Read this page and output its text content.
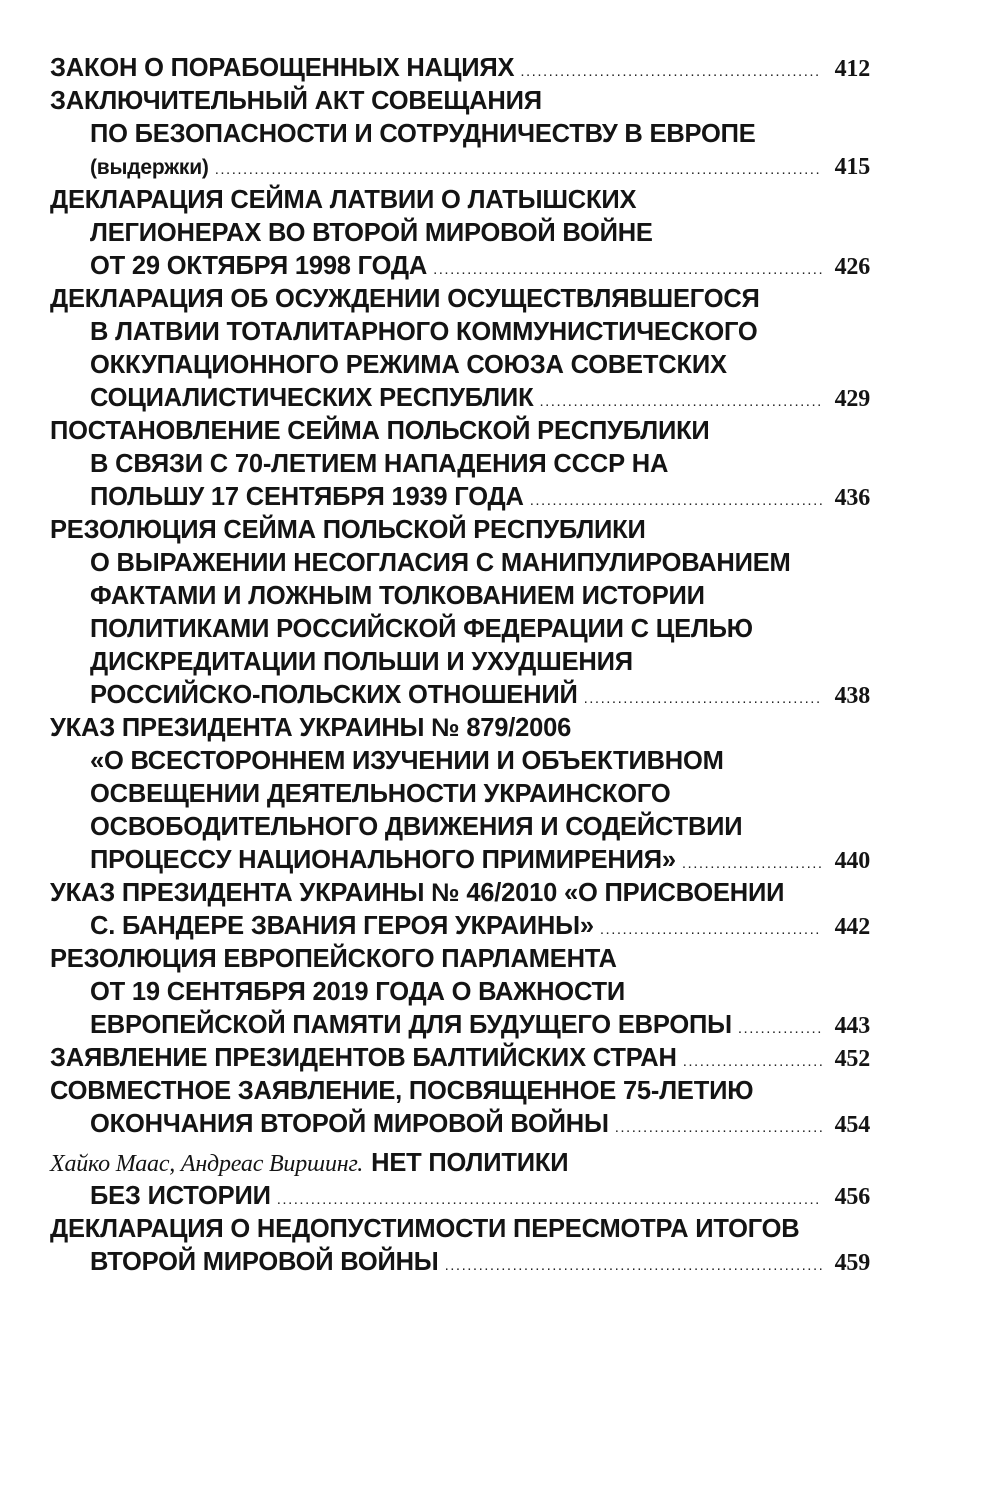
ЗАКОН О ПОРАБОЩЕННЫХ НАЦИЯХ .....	412
ЗАКЛЮЧИТЕЛЬНЫЙ АКТ СОВЕЩАНИЯ
ПО БЕЗОПАСНОСТИ И СОТРУДНИЧЕСТВУ В ЕВРОПЕ
(выдержки) .....	415
ДЕКЛАРАЦИЯ СЕЙМА ЛАТВИИ О ЛАТЫШСКИХ
ЛЕГИОНЕРАХ ВО ВТОРОЙ МИРОВОЙ ВОЙНЕ
ОТ 29 ОКТЯБРЯ 1998 ГОДА .....	426
ДЕКЛАРАЦИЯ ОБ ОСУЖДЕНИИ ОСУЩЕСТВЛЯВШЕГОСЯ
В ЛАТВИИ ТОТАЛИТАРНОГО КОММУНИСТИЧЕСКОГО
ОККУПАЦИОННОГО РЕЖИМА СОЮЗА СОВЕТСКИХ
СОЦИАЛИСТИЧЕСКИХ РЕСПУБЛИК .....	429
ПОСТАНОВЛЕНИЕ СЕЙМА ПОЛЬСКОЙ РЕСПУБЛИКИ
В СВЯЗИ С 70-ЛЕТИЕМ НАПАДЕНИЯ СССР НА
ПОЛЬШУ 17 СЕНТЯБРЯ 1939 ГОДА .....	436
РЕЗОЛЮЦИЯ СЕЙМА ПОЛЬСКОЙ РЕСПУБЛИКИ
О ВЫРАЖЕНИИ НЕСОГЛАСИЯ С МАНИПУЛИРОВАНИЕМ
ФАКТАМИ И ЛОЖНЫМ ТОЛКОВАНИЕМ ИСТОРИИ
ПОЛИТИКАМИ РОССИЙСКОЙ ФЕДЕРАЦИИ С ЦЕЛЬЮ
ДИСКРЕДИТАЦИИ ПОЛЬШИ И УХУДШЕНИЯ
РОССИЙСКО-ПОЛЬСКИХ ОТНОШЕНИЙ .....	438
УКАЗ ПРЕЗИДЕНТА УКРАИНЫ № 879/2006
«О ВСЕСТОРОННЕМ ИЗУЧЕНИИ И ОБЪЕКТИВНОМ
ОСВЕЩЕНИИ ДЕЯТЕЛЬНОСТИ УКРАИНСКОГО
ОСВОБОДИТЕЛЬНОГО ДВИЖЕНИЯ И СОДЕЙСТВИИ
ПРОЦЕССУ НАЦИОНАЛЬНОГО ПРИМИРЕНИЯ» .....	440
УКАЗ ПРЕЗИДЕНТА УКРАИНЫ № 46/2010 «О ПРИСВОЕНИИ
С. БАНДЕРЕ ЗВАНИЯ ГЕРОЯ УКРАИНЫ» .....	442
РЕЗОЛЮЦИЯ ЕВРОПЕЙСКОГО ПАРЛАМЕНТА
ОТ 19 СЕНТЯБРЯ 2019 ГОДА О ВАЖНОСТИ
ЕВРОПЕЙСКОЙ ПАМЯТИ ДЛЯ БУДУЩЕГО ЕВРОПЫ .....	443
ЗАЯВЛЕНИЕ ПРЕЗИДЕНТОВ БАЛТИЙСКИХ СТРАН .....	452
СОВМЕСТНОЕ ЗАЯВЛЕНИЕ, ПОСВЯЩЕННОЕ 75-ЛЕТИЮ
ОКОНЧАНИЯ ВТОРОЙ МИРОВОЙ ВОЙНЫ .....	454
Хайко Маас, Андреас Виршинг. НЕТ ПОЛИТИКИ
БЕЗ ИСТОРИИ .....	456
ДЕКЛАРАЦИЯ О НЕДОПУСТИМОСТИ ПЕРЕСМОТРА ИТОГОВ
ВТОРОЙ МИРОВОЙ ВОЙНЫ .....	459
